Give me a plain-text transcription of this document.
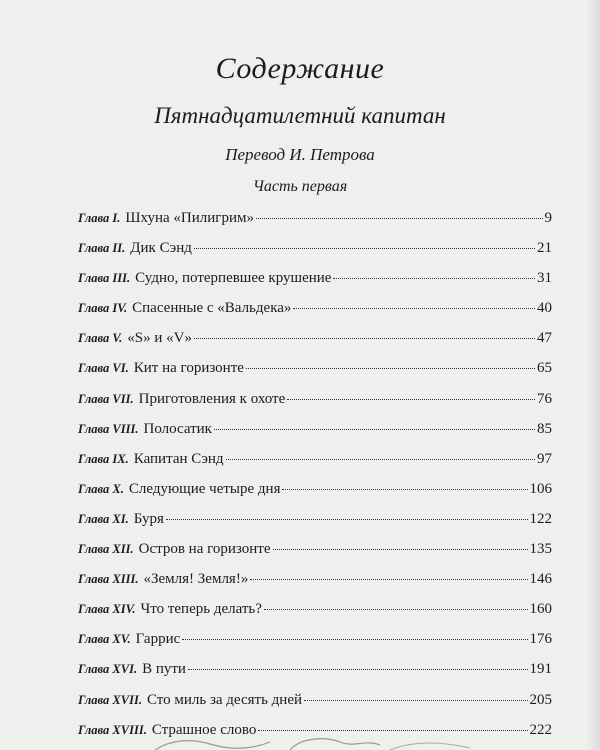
Содержание
Пятнадцатилетний капитан
Перевод И. Петрова
Часть первая
Глава I. Шхуна «Пилигрим»	9
Глава II. Дик Сэнд	21
Глава III. Судно, потерпевшее крушение	31
Глава IV. Спасенные с «Вальдека»	40
Глава V. «S» и «V»	47
Глава VI. Кит на горизонте	65
Глава VII. Приготовления к охоте	76
Глава VIII. Полосатик	85
Глава IX. Капитан Сэнд	97
Глава X. Следующие четыре дня	106
Глава XI. Буря	122
Глава XII. Остров на горизонте	135
Глава XIII. «Земля! Земля!»	146
Глава XIV. Что теперь делать?	160
Глава XV. Гаррис	176
Глава XVI. В пути	191
Глава XVII. Сто миль за десять дней	205
Глава XVIII. Страшное слово	222
